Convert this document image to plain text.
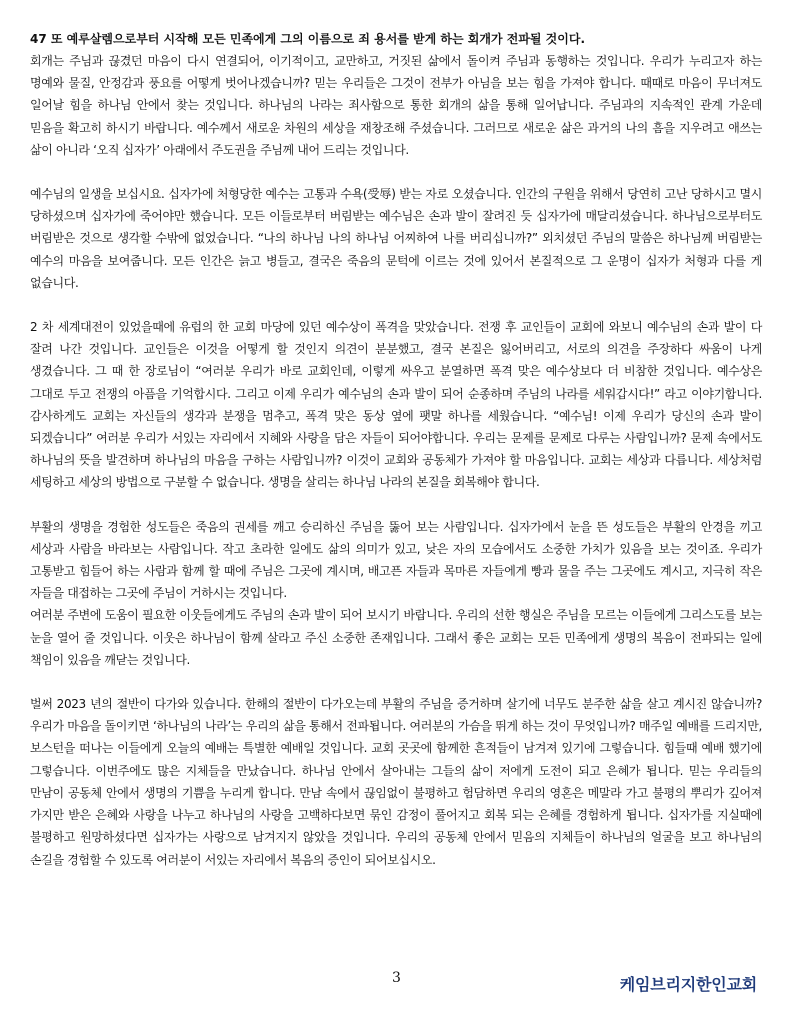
47 또 예루살렘으로부터 시작해 모든 민족에게 그의 이름으로 죄 용서를 받게 하는 회개가 전파될 것이다.

회개는 주님과 끊겼던 마음이 다시 연결되어, 이기적이고, 교만하고, 거짓된 삶에서 돌이켜 주님과 동행하는 것입니다. 우리가 누리고자 하는 명예와 물질, 안정감과 풍요를 어떻게 벗어나겠습니까? 믿는 우리들은 그것이 전부가 아님을 보는 힘을 가져야 합니다. 때때로 마음이 무너져도 일어날 힘을 하나님 안에서 찾는 것입니다. 하나님의 나라는 죄사함으로 통한 회개의 삶을 통해 일어납니다. 주님과의 지속적인 관계 가운데 믿음을 확고히 하시기 바랍니다. 예수께서 새로운 차원의 세상을 재창조해 주셨습니다. 그러므로 새로운 삶은 과거의 나의 흠을 지우려고 애쓰는 삶이 아니라 ‘오직 십자가’ 아래에서 주도권을 주님께 내어 드리는 것입니다.

예수님의 일생을 보십시요. 십자가에 처형당한 예수는 고통과 수욕(受辱) 받는 자로 오셨습니다. 인간의 구원을 위해서 당연히 고난 당하시고 멸시 당하셨으며 십자가에 죽어야만 했습니다. 모든 이들로부터 버림받는 예수님은 손과 발이 잘려진 듯 십자가에 매달리셨습니다. 하나님으로부터도 버림받은 것으로 생각할 수밖에 없었습니다. “나의 하나님 나의 하나님 어찌하여 나를 버리십니까?” 외치셨던 주님의 말씀은 하나님께 버림받는 예수의 마음을 보여줍니다. 모든 인간은 늙고 병들고, 결국은 죽음의 문턱에 이르는 것에 있어서 본질적으로 그 운명이 십자가 처형과 다를 게 없습니다.

2 차 세계대전이 있었을때에 유럽의 한 교회 마당에 있던 예수상이 폭격을 맞았습니다. 전쟁 후 교인들이 교회에 와보니 예수님의 손과 발이 다 잘려 나간 것입니다. 교인들은 이것을 어떻게 할 것인지 의견이 분분했고, 결국 본질은 잃어버리고, 서로의 의견을 주장하다 싸움이 나게 생겼습니다. 그 때 한 장로님이 “여러분 우리가 바로 교회인데, 이렇게 싸우고 분열하면 폭격 맞은 예수상보다 더 비참한 것입니다. 예수상은 그대로 두고 전쟁의 아픔을 기억합시다. 그리고 이제 우리가 예수님의 손과 발이 되어 순종하며 주님의 나라를 세워갑시다!” 라고 이야기합니다. 감사하게도 교회는 자신들의 생각과 분쟁을 멈추고, 폭격 맞은 동상 옆에 팻말 하나를 세웠습니다. “예수님! 이제 우리가 당신의 손과 발이 되겠습니다” 여러분 우리가 서있는 자리에서 지혜와 사랑을 담은 자들이 되어야합니다. 우리는 문제를 문제로 다루는 사람입니까? 문제 속에서도 하나님의 뜻을 발견하며 하나님의 마음을 구하는 사람입니까? 이것이 교회와 공동체가 가져야 할 마음입니다. 교회는 세상과 다릅니다. 세상처럼 세팅하고 세상의 방법으로 구분할 수 없습니다. 생명을 살리는 하나님 나라의 본질을 회복해야 합니다.

부활의 생명을 경험한 성도들은 죽음의 권세를 깨고 승리하신 주님을 뚫어 보는 사람입니다. 십자가에서 눈을 뜬 성도들은 부활의 안경을 끼고 세상과 사람을 바라보는 사람입니다. 작고 초라한 일에도 삶의 의미가 있고, 낮은 자의 모습에서도 소중한 가치가 있음을 보는 것이죠. 우리가 고통받고 힘들어 하는 사람과 함께 할 때에 주님은 그곳에 계시며, 배고픈 자들과 목마른 자들에게 빵과 물을 주는 그곳에도 계시고, 지극히 작은 자들을 대접하는 그곳에 주님이 거하시는 것입니다.

여러분 주변에 도움이 필요한 이웃들에게도 주님의 손과 발이 되어 보시기 바랍니다. 우리의 선한 행실은 주님을 모르는 이들에게 그리스도를 보는 눈을 열어 줄 것입니다. 이웃은 하나님이 함께 살라고 주신 소중한 존재입니다. 그래서 좋은 교회는 모든 민족에게 생명의 복음이 전파되는 일에 책임이 있음을 깨닫는 것입니다.

벌써 2023 년의 절반이 다가와 있습니다. 한해의 절반이 다가오는데 부활의 주님을 증거하며 살기에 너무도 분주한 삶을 살고 계시진 않습니까? 우리가 마음을 돌이키면 ‘하나님의 나라’는 우리의 삶을 통해서 전파됩니다. 여러분의 가슴을 뛰게 하는 것이 무엇입니까? 매주일 예배를 드리지만, 보스턴을 떠나는 이들에게 오늘의 예배는 특별한 예배일 것입니다. 교회 곳곳에 함께한 흔적들이 남겨져 있기에 그렇습니다. 힘들때 예배 했기에 그렇습니다. 이번주에도 많은 지체들을 만났습니다. 하나님 안에서 살아내는 그들의 삶이 저에게 도전이 되고 은혜가 됩니다. 믿는 우리들의 만남이 공동체 안에서 생명의 기쁨을 누리게 합니다. 만남 속에서 끊임없이 불평하고 험담하면 우리의 영혼은 메말라 가고 불평의 뿌리가 깊어져 가지만 받은 은혜와 사랑을 나누고 하나님의 사랑을 고백하다보면 묶인 감정이 풀어지고 회복 되는 은혜를 경험하게 됩니다. 십자가를 지실때에 불평하고 원망하셨다면 십자가는 사랑으로 남겨지지 않았을 것입니다. 우리의 공동체 안에서 믿음의 지체들이 하나님의 얼굴을 보고 하나님의 손길을 경험할 수 있도록 여러분이 서있는 자리에서 복음의 증인이 되어보십시오.

3	케임브리지한인교회
